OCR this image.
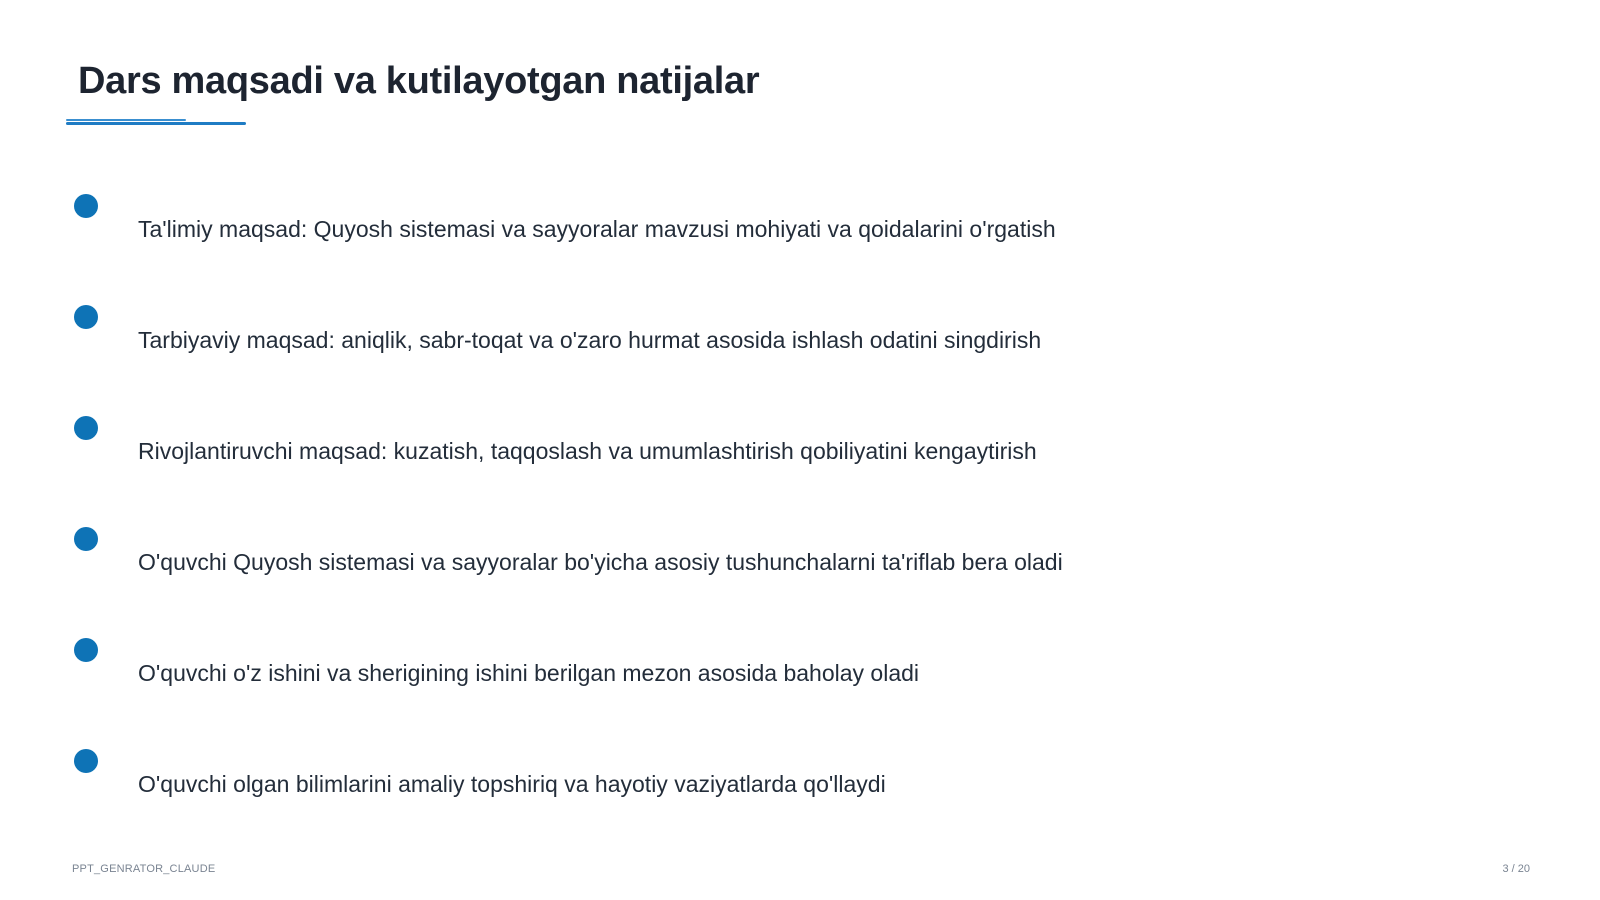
Dars maqsadi va kutilayotgan natijalar
Ta'limiy maqsad: Quyosh sistemasi va sayyoralar mavzusi mohiyati va qoidalarini o'rgatish
Tarbiyaviy maqsad: aniqlik, sabr-toqat va o'zaro hurmat asosida ishlash odatini singdirish
Rivojlantiruvchi maqsad: kuzatish, taqqoslash va umumlashtirish qobiliyatini kengaytirish
O'quvchi Quyosh sistemasi va sayyoralar bo'yicha asosiy tushunchalarni ta'riflab bera oladi
O'quvchi o'z ishini va sherigining ishini berilgan mezon asosida baholay oladi
O'quvchi olgan bilimlarini amaliy topshiriq va hayotiy vaziyatlarda qo'llaydi
PPT_GENRATOR_CLAUDE	3 / 20
